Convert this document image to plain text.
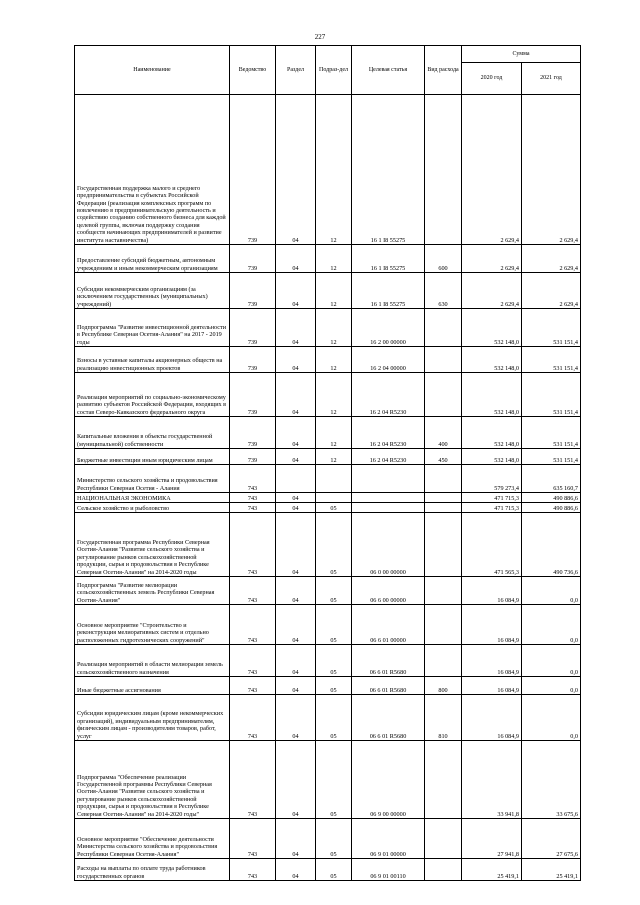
227
Наименование	Ведомство	Раздел	Подраз-дел	Целевая статья	Вид расхода	Сумма	
						2020 год	2021 год
Государственная поддержка малого и среднего предпринимательства в субъектах Российской Федерации (реализация комплексных программ по вовлечению в предпринимательскую деятельность и содействию созданию собственного бизнеса для каждой целевой группы, включая поддержку создания сообществ начинающих предпринимателей и развитие института наставничества)	739	04	12	16 1 I8 55275		2 629,4	2 629,4
Предоставление субсидий бюджетным, автономным учреждениям и иным некоммерческим организациям	739	04	12	16 1 I8 55275	600	2 629,4	2 629,4
Субсидии некоммерческим организациям (за исключением государственных (муниципальных) учреждений)	739	04	12	16 1 I8 55275	630	2 629,4	2 629,4
Подпрограмма "Развитие инвестиционной деятельности в Республике Северная Осетия-Алания" на 2017 - 2019 годы	739	04	12	16 2 00 00000		532 148,0	531 151,4
Взносы в уставные капиталы акционерных обществ на реализацию инвестиционных проектов	739	04	12	16 2 04 00000		532 148,0	531 151,4
Реализация мероприятий по социально-экономическому развитию субъектов Российской Федерации, входящих в состав Северо-Кавказского федерального округа	739	04	12	16 2 04 R5230		532 148,0	531 151,4
Капитальные вложения в объекты государственной (муниципальной) собственности	739	04	12	16 2 04 R5230	400	532 148,0	531 151,4
Бюджетные инвестиции иным юридическим лицам	739	04	12	16 2 04 R5230	450	532 148,0	531 151,4
Министерство сельского хозяйства и продовольствия Республики Северная Осетия - Алания	743					579 273,4	635 160,7
НАЦИОНАЛЬНАЯ ЭКОНОМИКА	743	04				471 715,3	490 886,6
Сельское хозяйство и рыболовство	743	04	05			471 715,3	490 886,6
Государственная программа Республики Северная Осетия-Алания "Развитие сельского хозяйства и регулирование рынков сельскохозяйственной продукции, сырья и продовольствия в Республике Северная Осетия-Алания" на 2014-2020 годы	743	04	05	06 0 00 00000		471 565,3	490 736,6
Подпрограмма "Развитие мелиорации сельскохозяйственных земель Республики Северная Осетия-Алания"	743	04	05	06 6 00 00000		16 084,9	0,0
Основное мероприятие "Строительство и реконструкция мелиоративных систем и отдельно расположенных гидротехнических сооружений"	743	04	05	06 6 01 00000		16 084,9	0,0
Реализация мероприятий в области мелиорации земель сельскохозяйственного назначения	743	04	05	06 6 01 R5680		16 084,9	0,0
Иные бюджетные ассигнования	743	04	05	06 6 01 R5680	800	16 084,9	0,0
Субсидии юридическим лицам (кроме некоммерческих организаций), индивидуальным предпринимателям, физическим лицам - производителям товаров, работ, услуг	743	04	05	06 6 01 R5680	810	16 084,9	0,0
Подпрограмма "Обеспечение реализации Государственной программы Республики Северная Осетия-Алания "Развитие сельского хозяйства и регулирование рынков сельскохозяйственной продукции, сырья и продовольствия в Республике Северная Осетия-Алания" на 2014-2020 годы"	743	04	05	06 9 00 00000		33 941,8	33 675,6
Основное мероприятие "Обеспечение деятельности Министерства сельского хозяйства и продовольствия Республики Северная Осетия-Алания"	743	04	05	06 9 01 00000		27 941,8	27 675,6
Расходы на выплаты по оплате труда работников государственных органов	743	04	05	06 9 01 00110		25 419,1	25 419,1
